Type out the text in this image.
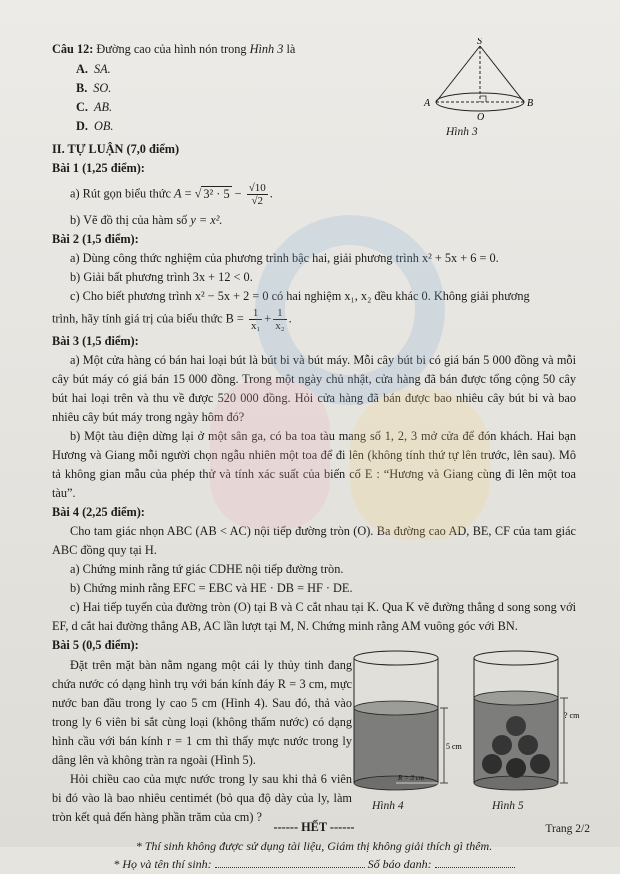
Câu 12: Đường cao của hình nón trong Hình 3 là
A. SA.
B. SO.
C. AB.
D. OB.
S
A
O
B
Hình 3

II. TỰ LUẬN (7,0 điểm)

Bài 1 (1,25 điểm):

a) Rút gọn biểu thức A = √ $3^2 \cdot 5 - \frac{√10}{√2}$ .

b) Vẽ đồ thị của hàm số y = x².

Bài 2 (1,5 điểm):

a) Dùng công thức nghiệm của phương trình bậc hai, giải phương trình x² + 5x + 6 = 0.

b) Giải bất phương trình 3x + 12 < 0.

c) Cho biết phương trình x² − 5x + 2 = 0 có hai nghiệm x₁, x₂ đều khác 0. Không giải phương

trình, hãy tính giá trị của biểu thức $B = \frac{1}{\text{x₁}} + \frac{1}{\text{x₂}}$ .

Bài 3 (1,5 điểm):

a) Một cửa hàng có bán hai loại bút là bút bi và bút máy. Mỗi cây bút bi có giá bán 5 000 đồng và mỗi cây bút máy có giá bán 15 000 đồng. Trong một ngày chủ nhật, cửa hàng đã bán được tổng cộng 50 cây bút hai loại trên và thu về được 520 000 đồng. Hỏi cửa hàng đã bán được bao nhiêu cây bút bi và bao nhiêu cây bút máy trong ngày hôm đó?

b) Một tàu điện dừng lại ở một sân ga, có ba toa tàu mang số 1, 2, 3 mở cửa để đón khách. Hai bạn Hương và Giang mỗi người chọn ngẫu nhiên một toa để đi lên (không tính thứ tự lên trước, lên sau). Mô tả không gian mẫu của phép thử và tính xác suất của biến cố E : “Hương và Giang cùng đi lên một toa tàu”.

Bài 4 (2,25 điểm):

Cho tam giác nhọn ABC (AB < AC) nội tiếp đường tròn (O). Ba đường cao AD, BE, CF của tam giác ABC đồng quy tại H.

a) Chứng minh rằng tứ giác CDHE nội tiếp đường tròn.

b) Chứng minh rằng EFC = EBC và HE · DB = HF · DE.

c) Hai tiếp tuyến của đường tròn (O) tại B và C cắt nhau tại K. Qua K vẽ đường thẳng d song song với EF, d cắt hai đường thẳng AB, AC lần lượt tại M, N. Chứng minh rằng AM vuông góc với BN.

Bài 5 (0,5 điểm):

Đặt trên mặt bàn nằm ngang một cái ly thủy tinh đang chứa nước có dạng hình trụ với bán kính đáy R = 3 cm, mực nước ban đầu trong ly cao 5 cm (Hình 4). Sau đó, thả vào trong ly 6 viên bi sắt cùng loại (không thấm nước) có dạng hình cầu với bán kính r = 1 cm thì thấy mực nước trong ly dâng lên và không tràn ra ngoài (Hình 5).

Hỏi chiều cao của mực nước trong ly sau khi thả 6 viên bi đó vào là bao nhiêu centimét (bỏ qua độ dày của ly, làm tròn kết quả đến hàng phần trăm của cm) ?

5 cm
R = 3 cm
Hình 4
? cm
Hình 5

------ HẾT ------

* Thí sinh không được sử dụng tài liệu, Giám thị không giải thích gì thêm.

* Họ và tên thí sinh:	Số báo danh:

Trang 2/2
